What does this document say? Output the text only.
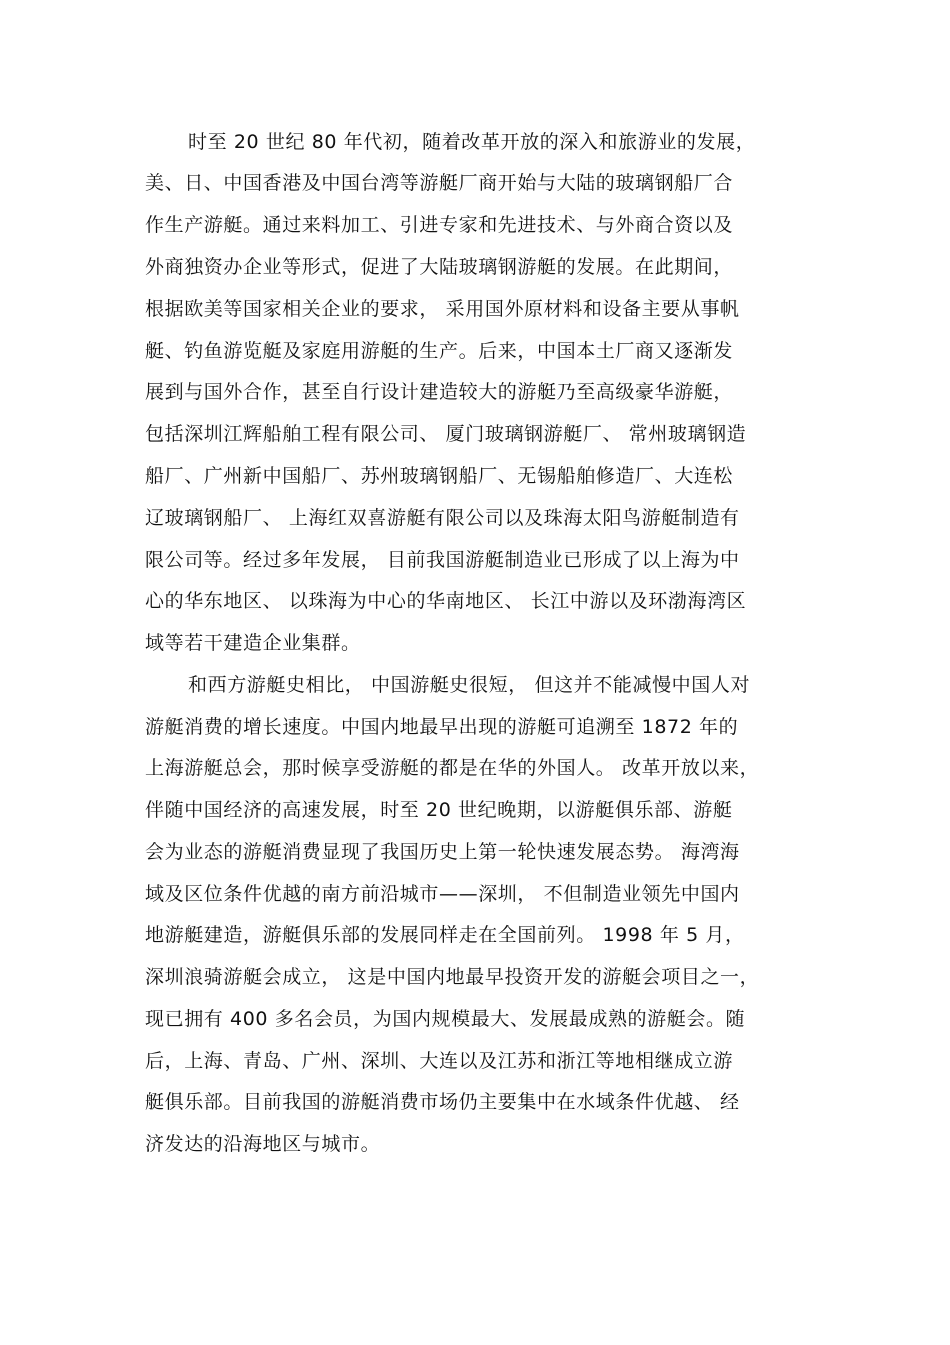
时至 20 世纪 80 年代初，随着改革开放的深入和旅游业的发展，
美、日、中国香港及中国台湾等游艇厂商开始与大陆的玻璃钢船厂合
作生产游艇。通过来料加工、引进专家和先进技术、与外商合资以及
外商独资办企业等形式，促进了大陆玻璃钢游艇的发展。在此期间，
根据欧美等国家相关企业的要求， 采用国外原材料和设备主要从事帆
艇、钓鱼游览艇及家庭用游艇的生产。后来，中国本土厂商又逐渐发
展到与国外合作，甚至自行设计建造较大的游艇乃至高级豪华游艇，
包括深圳江辉船舶工程有限公司、 厦门玻璃钢游艇厂、 常州玻璃钢造
船厂、广州新中国船厂、苏州玻璃钢船厂、无锡船舶修造厂、大连松
辽玻璃钢船厂、 上海红双喜游艇有限公司以及珠海太阳鸟游艇制造有
限公司等。经过多年发展， 目前我国游艇制造业已形成了以上海为中
心的华东地区、 以珠海为中心的华南地区、 长江中游以及环渤海湾区
域等若干建造企业集群。
和西方游艇史相比， 中国游艇史很短， 但这并不能减慢中国人对
游艇消费的增长速度。中国内地最早出现的游艇可追溯至 1872 年的
上海游艇总会，那时候享受游艇的都是在华的外国人。 改革开放以来，
伴随中国经济的高速发展，时至 20 世纪晚期，以游艇俱乐部、游艇
会为业态的游艇消费显现了我国历史上第一轮快速发展态势。 海湾海
域及区位条件优越的南方前沿城市——深圳， 不但制造业领先中国内
地游艇建造，游艇俱乐部的发展同样走在全国前列。 1998 年 5 月，
深圳浪骑游艇会成立， 这是中国内地最早投资开发的游艇会项目之一，
现已拥有 400 多名会员，为国内规模最大、发展最成熟的游艇会。随
后，上海、青岛、广州、深圳、大连以及江苏和浙江等地相继成立游
艇俱乐部。目前我国的游艇消费市场仍主要集中在水域条件优越、 经
济发达的沿海地区与城市。
